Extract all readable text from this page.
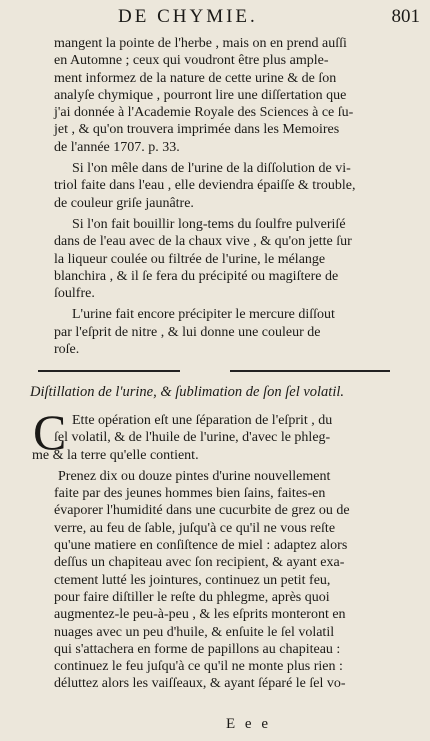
DE CHYMIE.	801
mangent la pointe de l'herbe , mais on en prend auſſi
en Automne ; ceux qui voudront être plus ample-
ment informez de la nature de cette urine & de ſon
analyſe chymique , pourront lire une diſſertation que
j'ai donnée à l'Academie Royale des Sciences à ce ſu-
jet , & qu'on trouvera imprimée dans les Memoires
de l'année 1707. p. 33.
Si l'on mêle dans de l'urine de la diſſolution de vi-
triol faite dans l'eau , elle deviendra épaiſſe & trouble,
de couleur griſe jaunâtre.
Si l'on fait bouillir long-tems du ſoulfre pulveriſé
dans de l'eau avec de la chaux vive , & qu'on jette ſur
la liqueur coulée ou filtrée de l'urine, le mélange
blanchira , & il ſe fera du précipité ou magiſtere de
ſoulfre.
L'urine fait encore précipiter le mercure diſſout
par l'eſprit de nitre , & lui donne une couleur de
roſe.
Diſtillation de l'urine, & ſublimation de ſon ſel volatil.
C Ette opération eſt une ſéparation de l'eſprit , du
ſel volatil, & de l'huile de l'urine, d'avec le phleg-
me & la terre qu'elle contient.
Prenez dix ou douze pintes d'urine nouvellement
faite par des jeunes hommes bien ſains, faites-en
évaporer l'humidité dans une cucurbite de grez ou de
verre, au feu de ſable, juſqu'à ce qu'il ne vous reſte
qu'une matiere en conſiſtence de miel : adaptez alors
deſſus un chapiteau avec ſon recipient, & ayant exa-
ctement lutté les jointures, continuez un petit feu,
pour faire diſtiller le reſte du phlegme, après quoi
augmentez-le peu-à-peu , & les eſprits monteront en
nuages avec un peu d'huile, & enſuite le ſel volatil
qui s'attachera en forme de papillons au chapiteau :
continuez le feu juſqu'à ce qu'il ne monte plus rien :
déluttez alors les vaiſſeaux, & ayant ſéparé le ſel vo-
E e e
